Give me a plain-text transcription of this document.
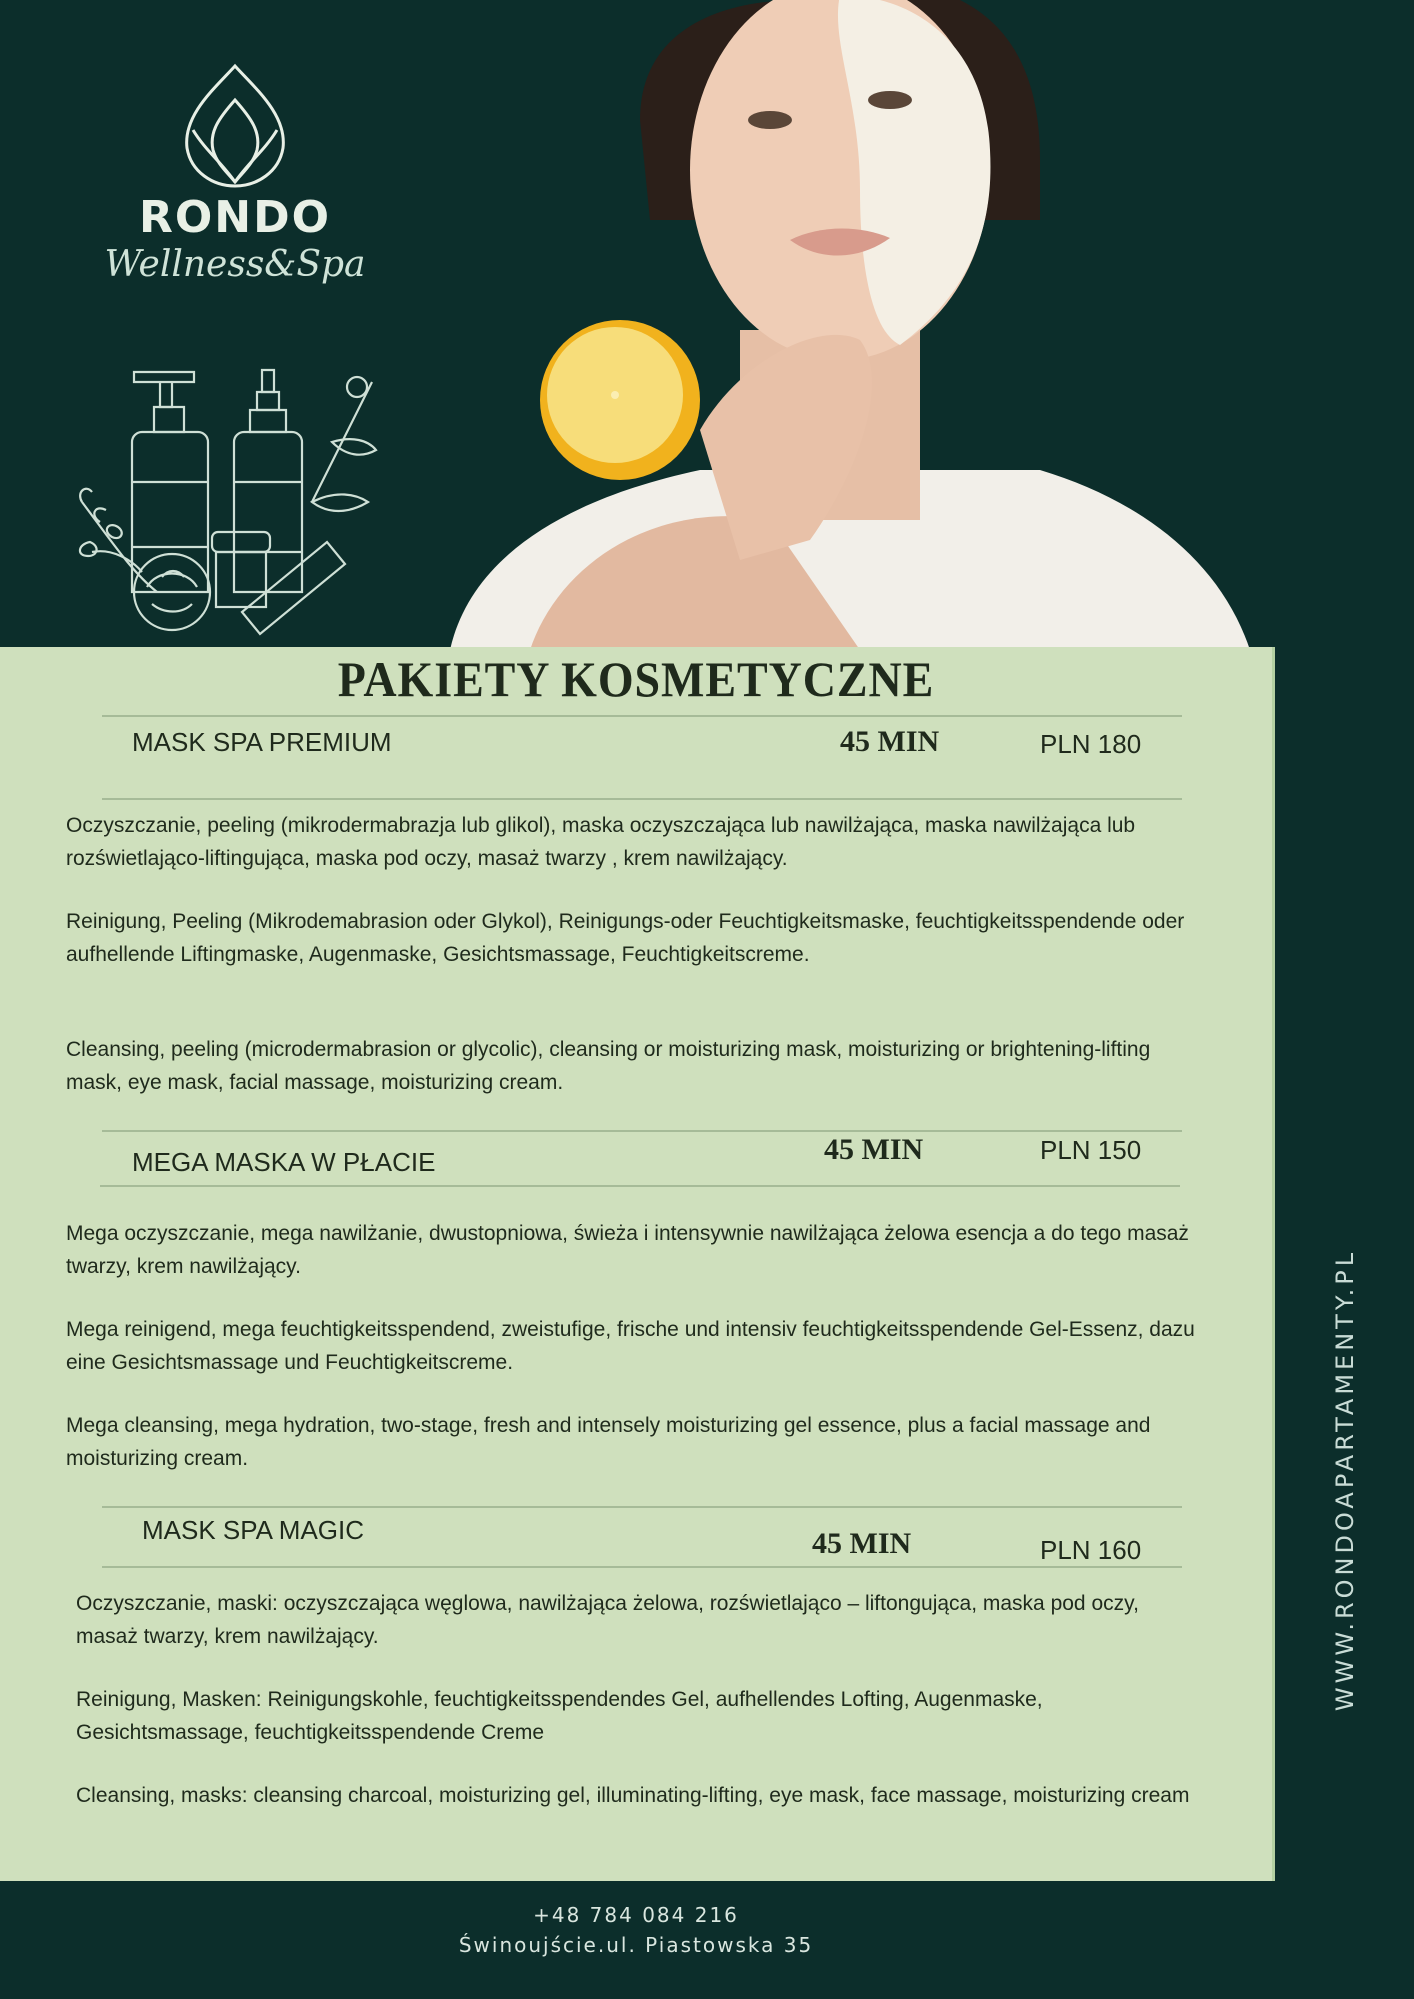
RONDO
Wellness&Spa
PAKIETY KOSMETYCZNE
MASK SPA PREMIUM	45 MIN	PLN 180
Oczyszczanie, peeling (mikrodermabrazja lub glikol), maska oczyszczająca lub nawilżająca, maska nawilżająca lub rozświetlająco-liftingująca, maska pod oczy, masaż twarzy , krem nawilżający.
Reinigung, Peeling (Mikrodemabrasion oder Glykol), Reinigungs-oder Feuchtigkeitsmaske, feuchtigkeitsspendende oder aufhellende Liftingmaske, Augenmaske, Gesichtsmassage, Feuchtigkeitscreme.
Cleansing, peeling (microdermabrasion or glycolic), cleansing or moisturizing mask, moisturizing or brightening-lifting mask, eye mask, facial massage, moisturizing cream.
MEGA MASKA W PŁACIE	45 MIN	PLN 150
Mega oczyszczanie, mega nawilżanie, dwustopniowa, świeża i intensywnie nawilżająca żelowa esencja a do tego masaż twarzy, krem nawilżający.
Mega reinigend, mega feuchtigkeitsspendend, zweistufige, frische und intensiv feuchtigkeitsspendende Gel-Essenz, dazu eine Gesichtsmassage und Feuchtigkeitscreme.
Mega cleansing, mega hydration, two-stage, fresh and intensely moisturizing gel essence, plus a facial massage and moisturizing cream.
MASK SPA MAGIC	45 MIN	PLN 160
Oczyszczanie, maski: oczyszczająca węglowa, nawilżająca żelowa, rozświetlająco – liftongująca, maska pod oczy, masaż twarzy, krem nawilżający.
Reinigung, Masken: Reinigungskohle, feuchtigkeitsspendendes Gel, aufhellendes Lofting, Augenmaske, Gesichtsmassage, feuchtigkeitsspendende Creme
Cleansing, masks: cleansing charcoal, moisturizing gel, illuminating-lifting, eye mask, face massage, moisturizing cream
WWW.RONDOAPARTAMENTY.PL
+48 784 084 216
Świnoujście.ul. Piastowska 35
